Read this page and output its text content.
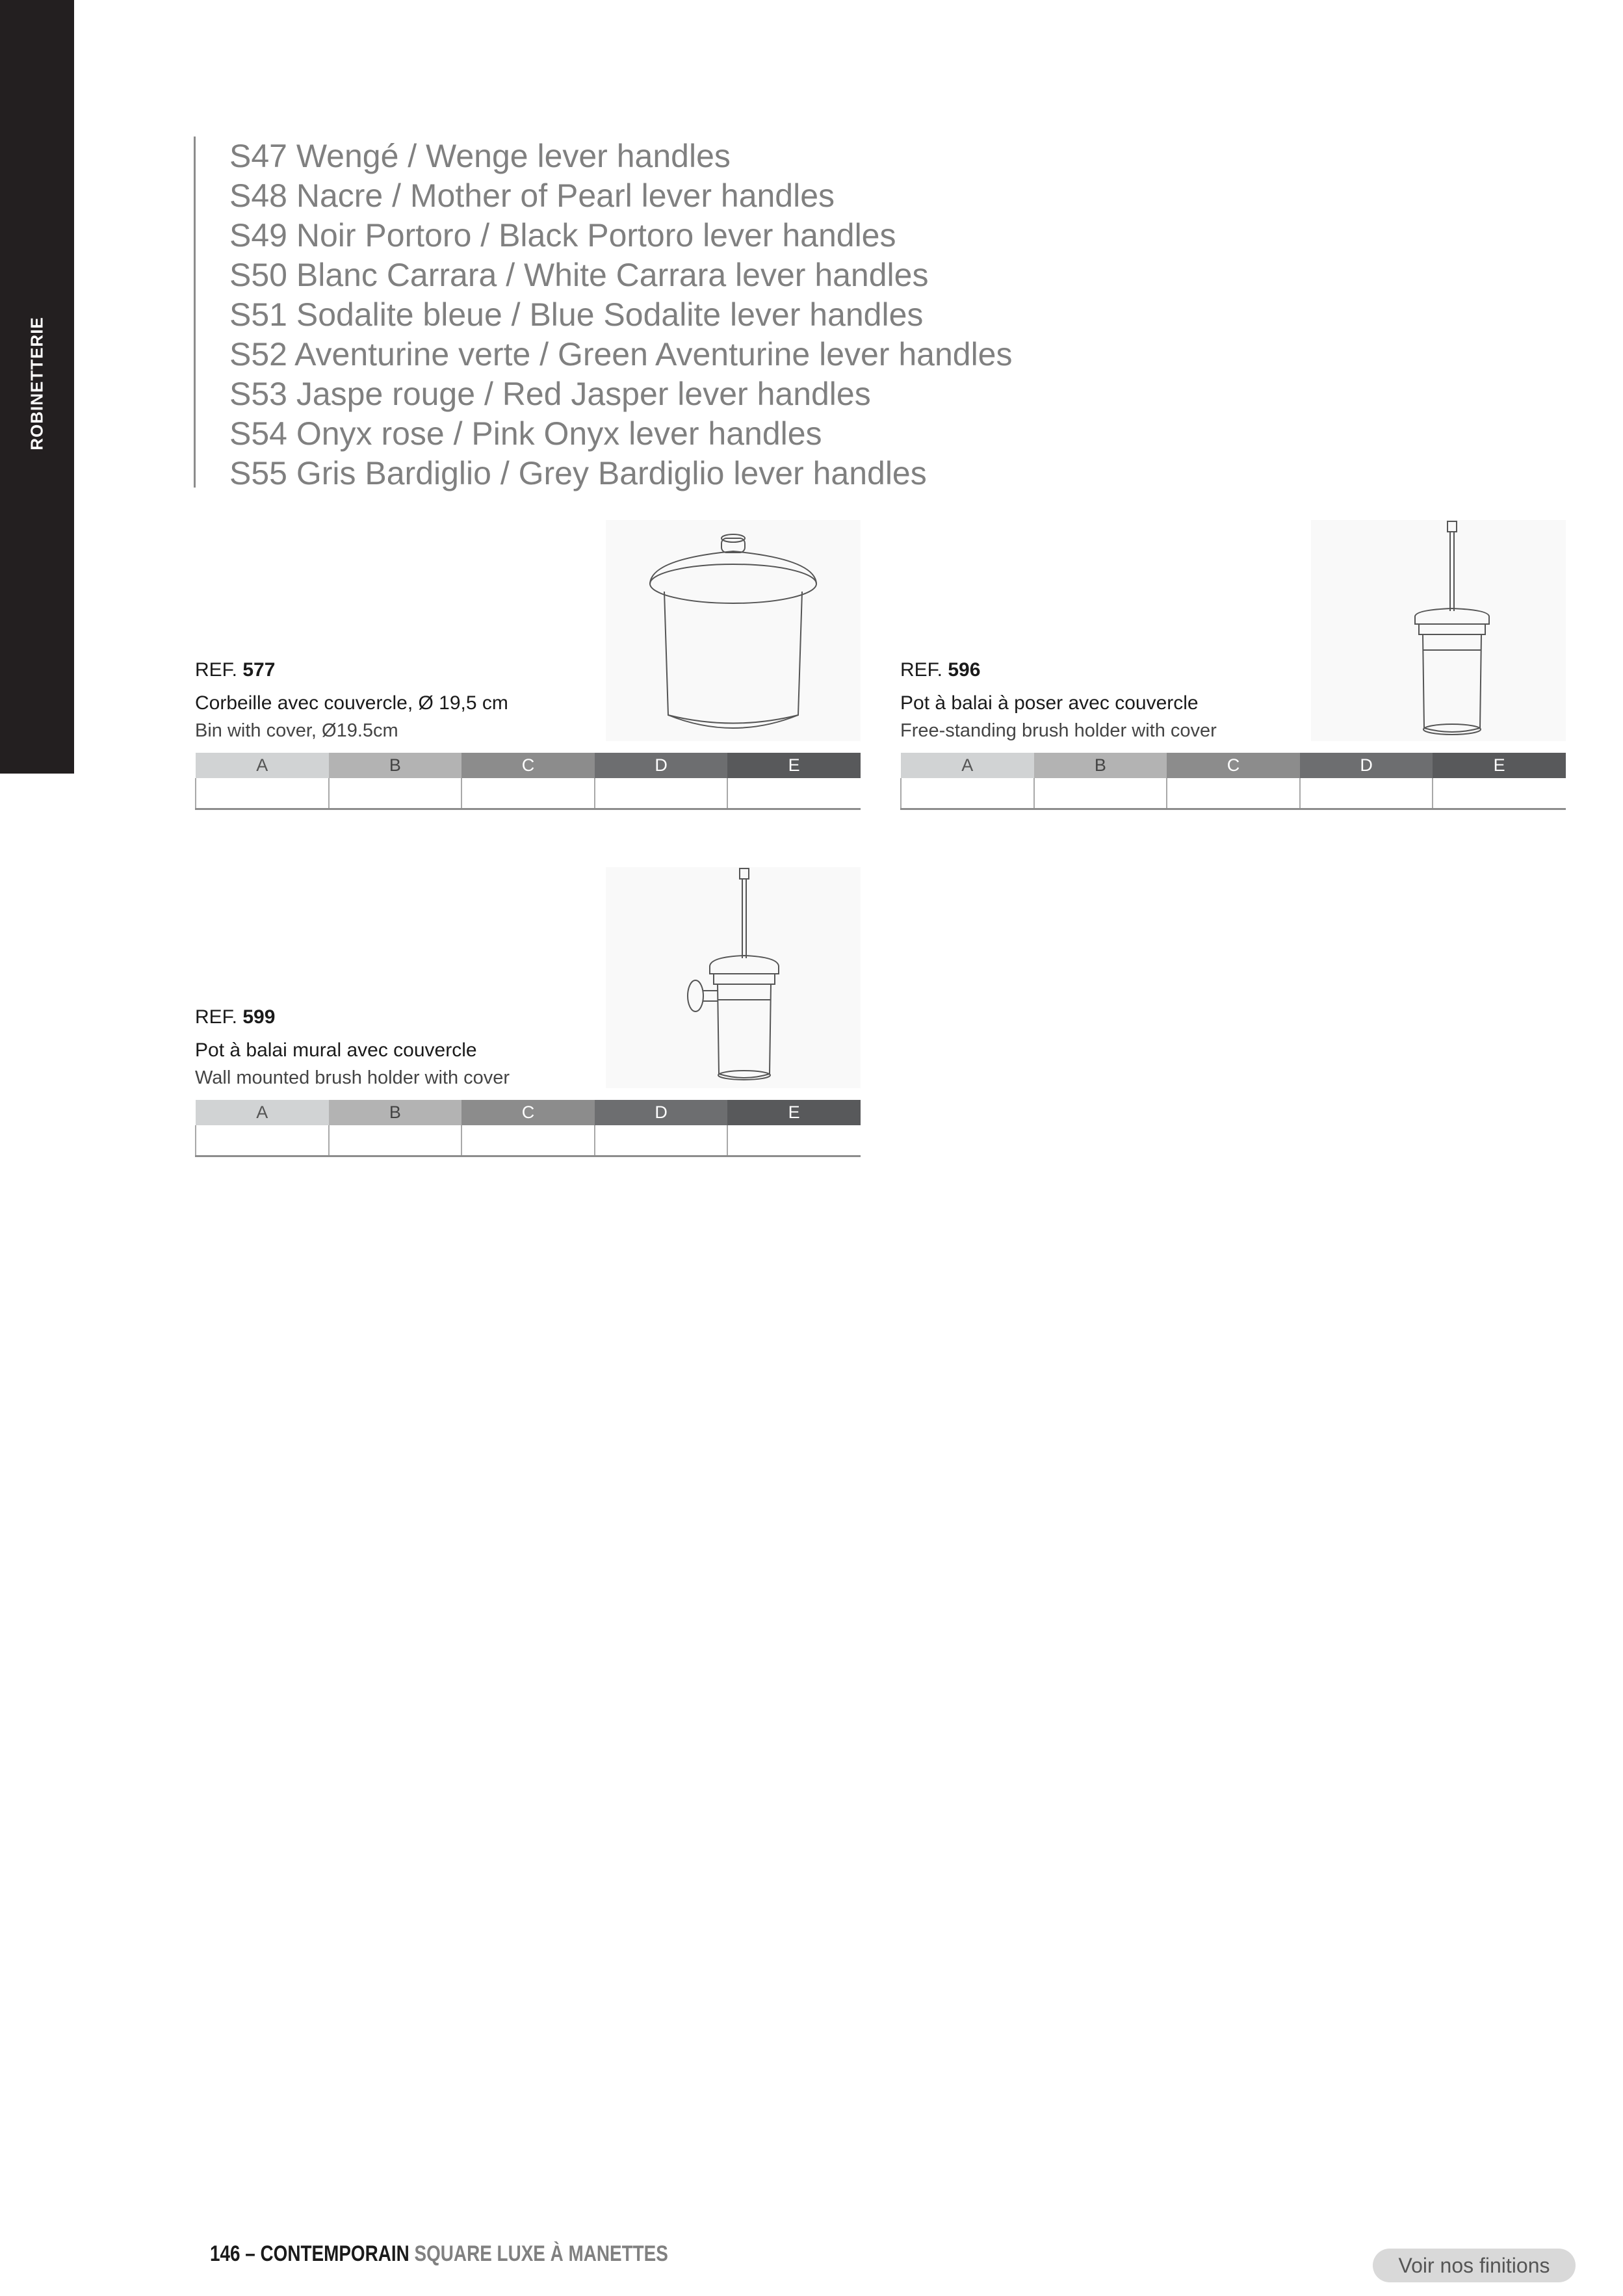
ROBINETTERIE
S47 Wengé / Wenge lever handles
S48 Nacre / Mother of Pearl lever handles
S49 Noir Portoro / Black Portoro lever handles
S50 Blanc Carrara / White Carrara lever handles
S51 Sodalite bleue / Blue Sodalite lever handles
S52 Aventurine verte / Green Aventurine lever handles
S53 Jaspe rouge / Red Jasper lever handles
S54 Onyx rose / Pink Onyx lever handles
S55 Gris Bardiglio / Grey Bardiglio lever handles
REF. 577
Corbeille avec couvercle, Ø 19,5 cm
Bin with cover, Ø19.5cm
A	B	C	D	E

REF. 596
Pot à balai à poser avec couvercle
Free-standing brush holder with cover
A	B	C	D	E

REF. 599
Pot à balai mural avec couvercle
Wall mounted brush holder with cover
A	B	C	D	E

146 – CONTEMPORAIN SQUARE LUXE À MANETTES	Voir nos finitions
